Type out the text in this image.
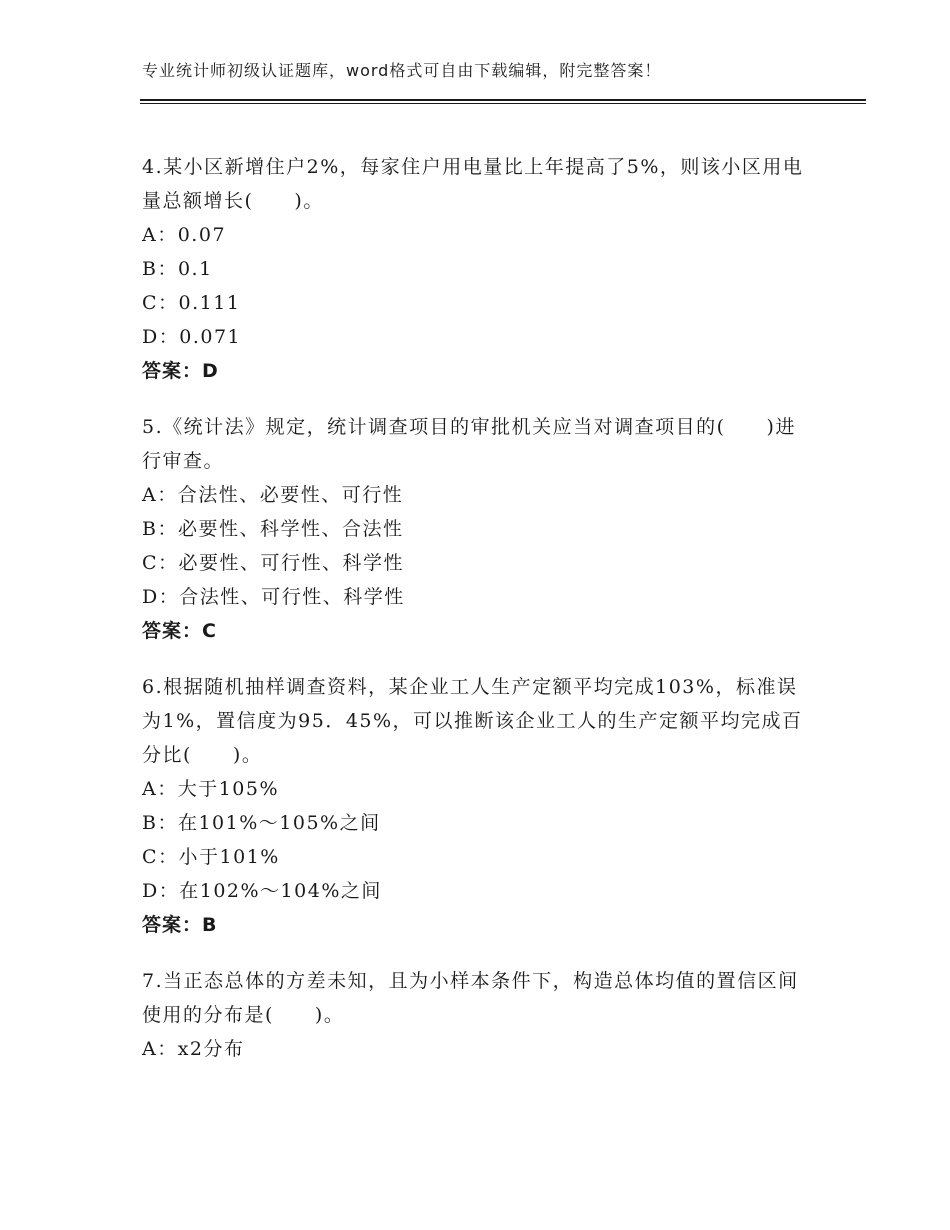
专业统计师初级认证题库，word格式可自由下载编辑，附完整答案！

4.某小区新增住户2%，每家住户用电量比上年提高了5%，则该小区用电量总额增长(　　)。

A：0.07

B：0.1

C：0.111

D：0.071

答案：D

5.《统计法》规定，统计调查项目的审批机关应当对调查项目的(　　)进行审查。

A：合法性、必要性、可行性

B：必要性、科学性、合法性

C：必要性、可行性、科学性

D：合法性、可行性、科学性

答案：C

6.根据随机抽样调查资料，某企业工人生产定额平均完成103%，标准误为1%，置信度为95．45%，可以推断该企业工人的生产定额平均完成百分比(　　)。

A：大于105%

B：在101%～105%之间

C：小于101%

D：在102%～104%之间

答案：B

7.当正态总体的方差未知，且为小样本条件下，构造总体均值的置信区间使用的分布是(　　)。

A：x2分布
